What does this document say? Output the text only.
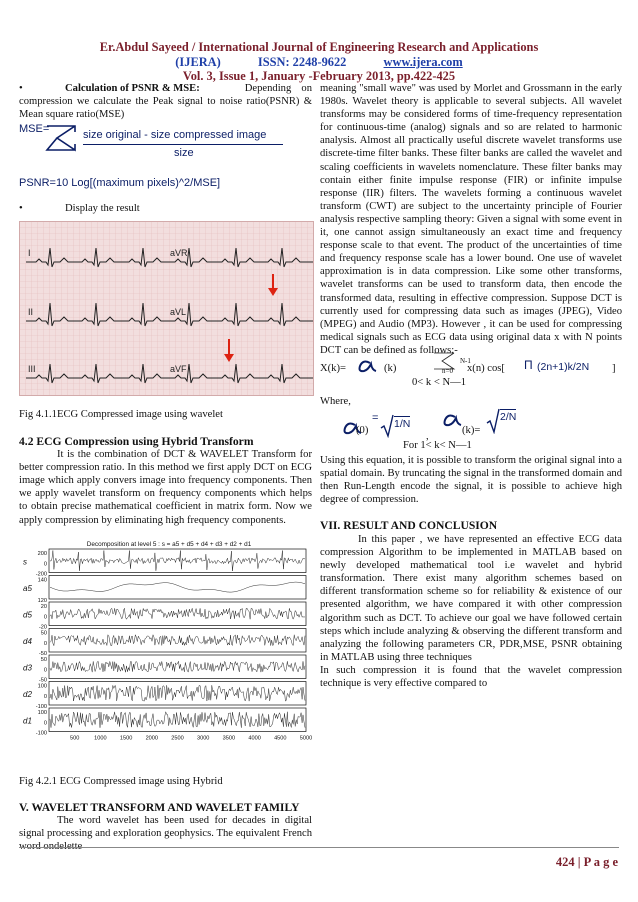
Er.Abdul Sayeed / International Journal of Engineering Research and Applications
(IJERA)	ISSN: 2248-9622	www.ijera.com
Vol. 3, Issue 1, January -February 2013, pp.422-425
•	Calculation of PSNR & MSE:	Depending on compression we calculate the Peak signal to noise ratio(PSNR) & Mean square ratio(MSE)

MSE=	size original - size compressed image
size

PSNR=10 Log[(maximum pixels)^2/MSE]

•	Display the result
I	aVR
II	aVL
III	aVF

Fig 4.1.1ECG Compressed image using wavelet

4.2 ECG Compression using Hybrid Transform

It is the combination of DCT & WAVELET Transform for better compression ratio. In this method we first apply DCT on ECG image which apply convers image into frequency components. Then we apply wavelet transform on frequency components which helps to obtain precise mathematical coefficient in matrix form. Now we apply compression by eliminating high frequency components.

Decomposition at level 5 : s = a5 + d5 + d4 + d3 + d2 + d1
s
200
0
-200
a5
140
120
d5
20
0
-20
d4
50
0
-50
d3
50
0
-50
d2
100
0
-100
d1
100
0
-100
500	1000 1500 2000 2500 3000 3500 4000 4500 5000

Fig 4.2.1 ECG Compressed image using Hybrid

V. WAVELET TRANSFORM AND WAVELET FAMILY

The word wavelet has been used for decades in digital signal processing and exploration geophysics. The equivalent French word ondelette

meaning "small wave" was used by Morlet and Grossmann in the early 1980s. Wavelet theory is applicable to several subjects. All wavelet transforms may be considered forms of time-frequency representation for continuous-time (analog) signals and so are related to harmonic analysis. Almost all practically useful discrete wavelet transforms use discrete-time filter banks. These filter banks are called the wavelet and scaling coefficients in wavelets nomenclature. These filter banks may contain either finite impulse response (FIR) or infinite impulse response (IIR) filters. The wavelets forming a continuous wavelet transform (CWT) are subject to the uncertainty principle of Fourier analysis respective sampling theory: Given a signal with some event in it, one cannot assign simultaneously an exact time and frequency response scale to that event. The product of the uncertainties of time and frequency response scale has a lower bound. One use of wavelet approximation is in data compression. Like some other transforms, wavelet transforms can be used to transform data, then encode the transformed data, resulting in effective compression. Suppose DCT is currently used for compressing data such as images (JPEG), Video (MPEG) and Audio (MP3). However , it can be used for compressing medical signals such as ECG data using original data x with N points DCT can be defined as follows:-

N-1
X(k)=	(k)	n=0 x(n) cos[ Π (2n+1)k/2N ]
0< k < N—1

Where,

=
(0)
1/N
,
(k)=
2/N
For 1< k< N—1

Using this equation, it is possible to transform the original signal into a spatial domain. By truncating the signal in the transformed domain and then Run-Length encode the signal, it is possible to achieve high degree of compression.

VII. RESULT AND CONCLUSION

In this paper , we have represented an effective ECG data compression Algorithm to be implemented in MATLAB based on newly developed mathematical tool i.e wavelet and hybrid transformation. There exist many algorithm schemes based on different transformation scheme so for reliability & existence of our presented algorithm, we have compared it with other compression algorithm such as DCT. To achieve our goal we have followed certain steps which include analyzing & observing the different transform and analyzing the following parameters CR, PDR,MSE, PSNR obtaining in MATLAB using three techniques

In such compression it is found that the wavelet compression technique is very effective compared to

424 | P a g e
